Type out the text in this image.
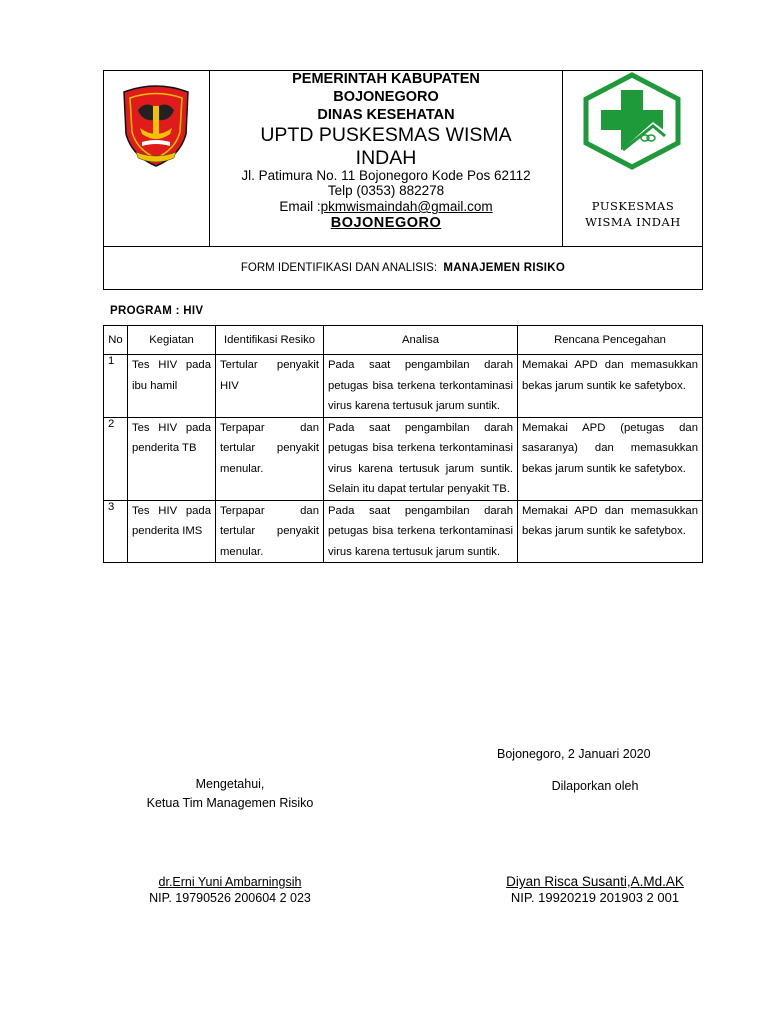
PEMERINTAH KABUPATEN
BOJONEGORO
DINAS KESEHATAN
UPTD PUSKESMAS WISMA
INDAH
Jl. Patimura No. 11 Bojonegoro Kode Pos 62112
Telp (0353) 882278
Email :pkmwismaindah@gmail.com
BOJONEGORO
PUSKESMAS
WISMA INDAH
FORM IDENTIFIKASI DAN ANALISIS: MANAJEMEN RISIKO
PROGRAM : HIV
No	Kegiatan	Identifikasi Resiko	Analisa	Rencana Pencegahan
1	Tes HIV pada ibu hamil	Tertular penyakit HIV	Pada saat pengambilan darah petugas bisa terkena terkontaminasi virus karena tertusuk jarum suntik.	Memakai APD dan memasukkan bekas jarum suntik ke safetybox.
2	Tes HIV pada penderita TB	Terpapar dan tertular penyakit menular.	Pada saat pengambilan darah petugas bisa terkena terkontaminasi virus karena tertusuk jarum suntik. Selain itu dapat tertular penyakit TB.	Memakai APD (petugas dan sasaranya) dan memasukkan bekas jarum suntik ke safetybox.
3	Tes HIV pada penderita IMS	Terpapar dan tertular penyakit menular.	Pada saat pengambilan darah petugas bisa terkena terkontaminasi virus karena tertusuk jarum suntik.	Memakai APD dan memasukkan bekas jarum suntik ke safetybox.
Bojonegoro, 2 Januari 2020
Mengetahui,
Ketua Tim Managemen Risiko
Dilaporkan oleh
dr.Erni Yuni Ambarningsih
NIP. 19790526 200604 2 023
Diyan Risca Susanti,A.Md.AK
NIP. 19920219 201903 2 001
